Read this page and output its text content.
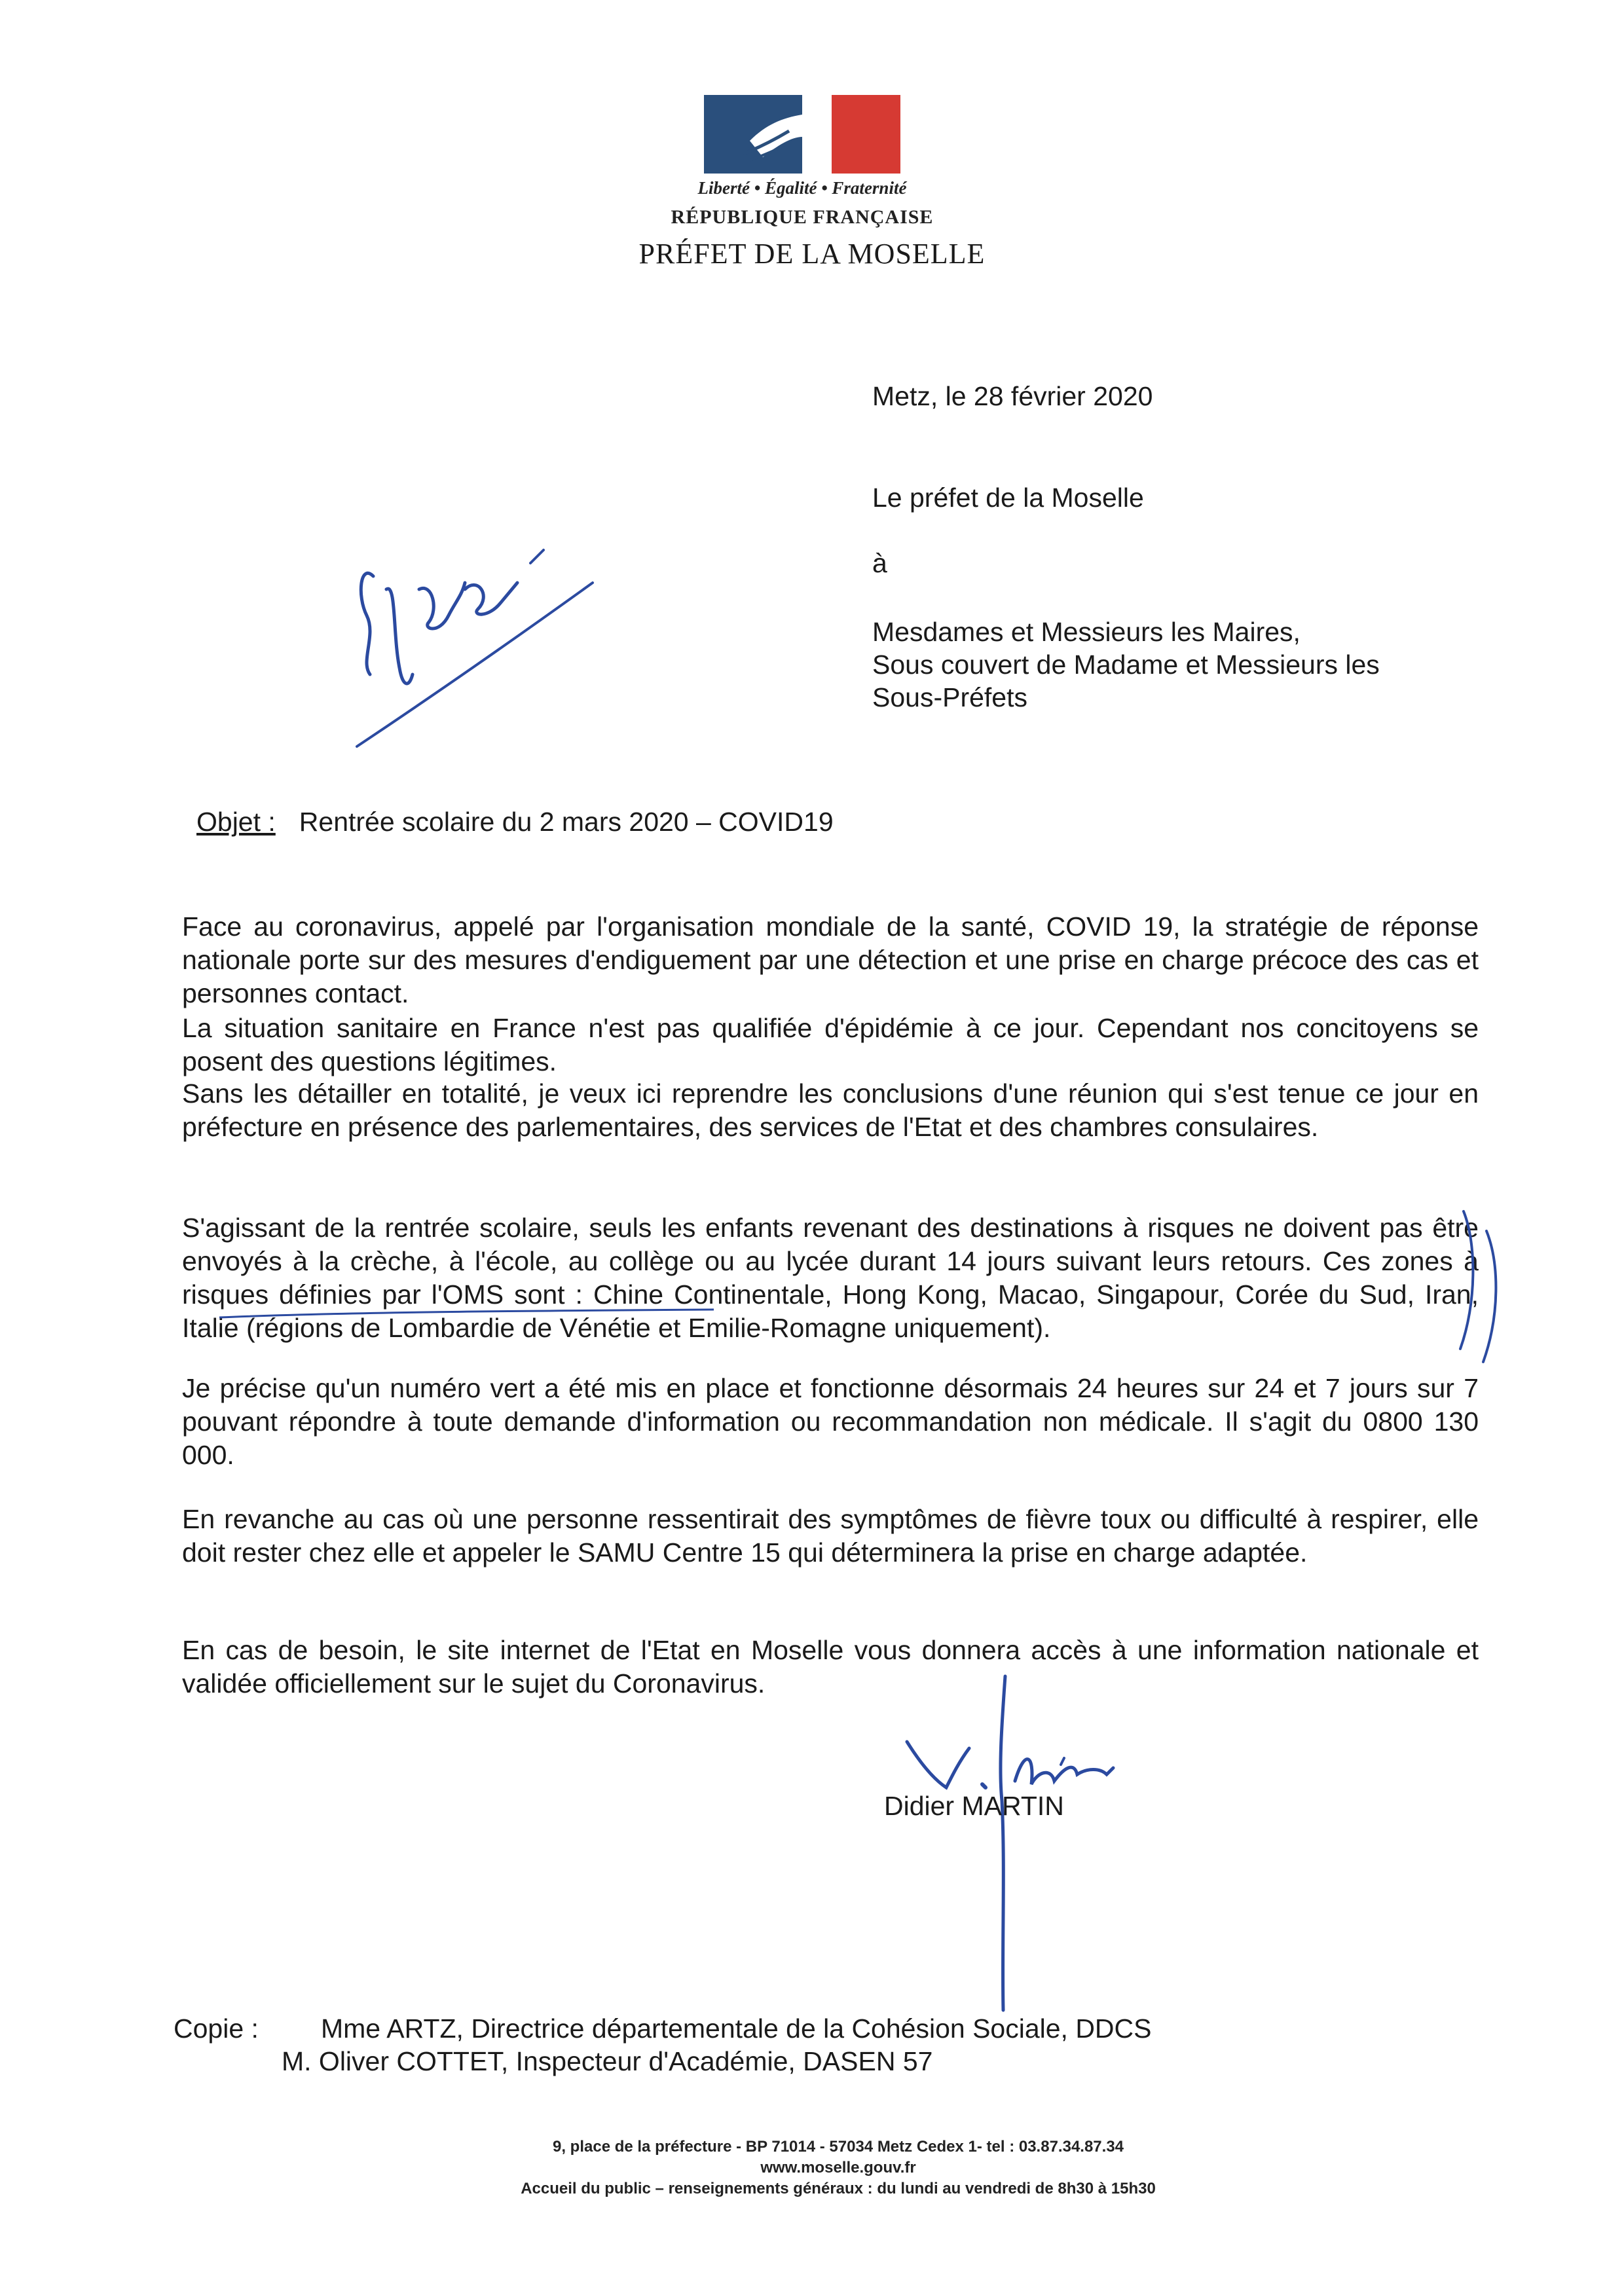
Liberté • Égalité • Fraternité
RÉPUBLIQUE FRANÇAISE
PRÉFET DE LA MOSELLE
Metz, le 28 février 2020
Le préfet de la Moselle
à
Mesdames et Messieurs les Maires,
Sous couvert de Madame et Messieurs les
Sous-Préfets
Objet : Rentrée scolaire du 2 mars 2020 – COVID19
Face au coronavirus, appelé par l'organisation mondiale de la santé, COVID 19, la stratégie de réponse nationale porte sur des mesures d'endiguement par une détection et une prise en charge précoce des cas et personnes contact.
La situation sanitaire en France n'est pas qualifiée d'épidémie à ce jour. Cependant nos concitoyens se posent des questions légitimes.
Sans les détailler en totalité, je veux ici reprendre les conclusions d'une réunion qui s'est tenue ce jour en préfecture en présence des parlementaires, des services de l'Etat et des chambres consulaires.
S'agissant de la rentrée scolaire, seuls les enfants revenant des destinations à risques ne doivent pas être envoyés à la crèche, à l'école, au collège ou au lycée durant 14 jours suivant leurs retours. Ces zones à risques définies par l'OMS sont : Chine Continentale, Hong Kong, Macao, Singapour, Corée du Sud, Iran, Italie (régions de Lombardie de Vénétie et Emilie-Romagne uniquement).
Je précise qu'un numéro vert a été mis en place et fonctionne désormais 24 heures sur 24 et 7 jours sur 7 pouvant répondre à toute demande d'information ou recommandation non médicale. Il s'agit du 0800 130 000.
En revanche au cas où une personne ressentirait des symptômes de fièvre toux ou difficulté à respirer, elle doit rester chez elle et appeler le SAMU Centre 15 qui déterminera la prise en charge adaptée.
En cas de besoin, le site internet de l'Etat en Moselle vous donnera accès à une information nationale et validée officiellement sur le sujet du Coronavirus.
Didier MARTIN
Copie : Mme ARTZ, Directrice départementale de la Cohésion Sociale, DDCS
M. Oliver COTTET, Inspecteur d'Académie, DASEN 57
9, place de la préfecture - BP 71014 - 57034 Metz Cedex 1- tel : 03.87.34.87.34
www.moselle.gouv.fr
Accueil du public – renseignements généraux : du lundi au vendredi de 8h30 à 15h30
